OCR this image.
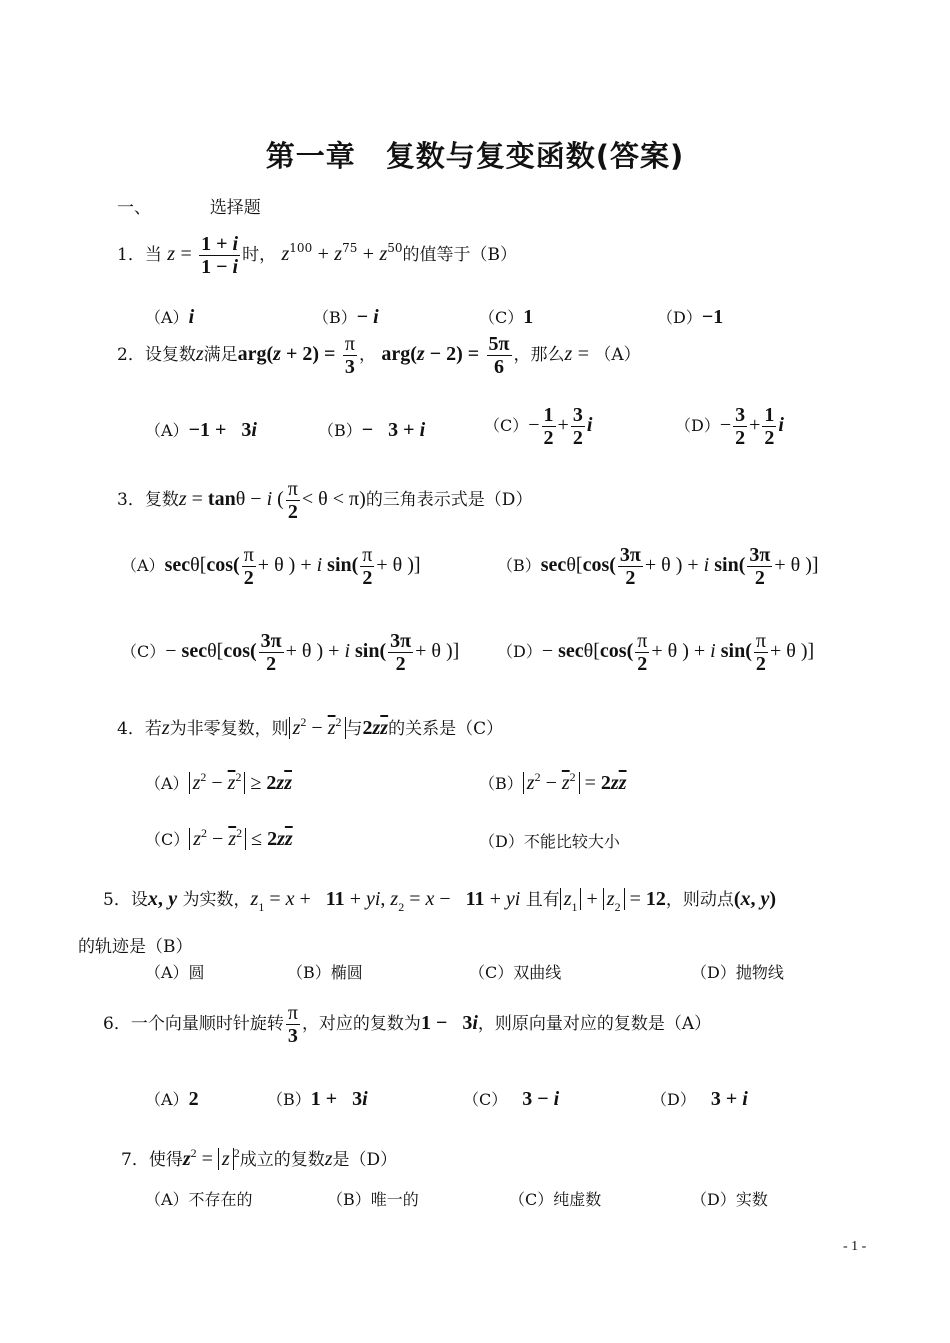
第一章　复数与复变函数(答案)
一、	选择题
1．当 $z = \frac{1 + i}{1 - i}$ 时， $z^{100} + z^{75} + z^{50}$的值等于（B）
（A）i	（B）− i	（C）1	（D）−1
2．设复数z满足$arg(z + 2) = \frac{\pi}{3}$ ， $arg(z - 2) = \frac{5\pi}{6}$ ，那么z = （A）
（A）−1 +   3i	（B）−   3 + i	$(C)- \frac{1}{2} + \frac{3}{2}$ i	$(D)- \frac{3}{2} + \frac{1}{2}$ i
3．复数z = tanθ − i ( $\frac{\pi}{2} < \theta < \pi$)的三角表示式是（D）
$(A)\sec\theta[\cos( \frac{\pi}{2} + \theta$ ) + i $\sin( \frac{\pi}{2} + \theta$ )]	$(B)\sec\theta[\cos( \frac{3\pi}{2} + \theta$ ) + i $\sin( \frac{3\pi}{2} + \theta$ )]
$(C)- \sec\theta[\cos( \frac{3\pi}{2} + \theta$ ) + i $\sin( \frac{3\pi}{2} + \theta$ )] $(D)- \sec\theta[\cos( \frac{\pi}{2} + \theta$ ) + i $\sin( \frac{\pi}{2} + \theta$ )]
4．若z为非零复数，则 $z^2 - \overline{z}^2$ 与$2z\overline{z}$的关系是（C）
（A） $z^2 - \overline{z}^2 \ge 2z\overline{z}$	（B） $z^2 - \overline{z}^2 = 2z\overline{z}$
（C） $z^2 - \overline{z}^2 \le 2z\overline{z}$	（D）不能比较大小
5．设x, y 为实数，$z_1 = x + 11$ + yi, $z_2 = x - 11$ + yi 且有 $z_1 + z_2 = 12$，则动点(x, y)
的轨迹是（B）
（A）圆	（B）椭圆	（C）双曲线	（D）抛物线
6．一个向量顺时针旋转 $\frac{\pi}{3}$ ，对应的复数为1 −   3i，则原向量对应的复数是（A）
（A）2	（B）1 +   3i	（C）   3 − i	（D）   3 + i
7．使得$z^2 = z$ $^2$成立的复数z是（D）
（A）不存在的	（B）唯一的	（C）纯虚数	（D）实数
- 1 -
